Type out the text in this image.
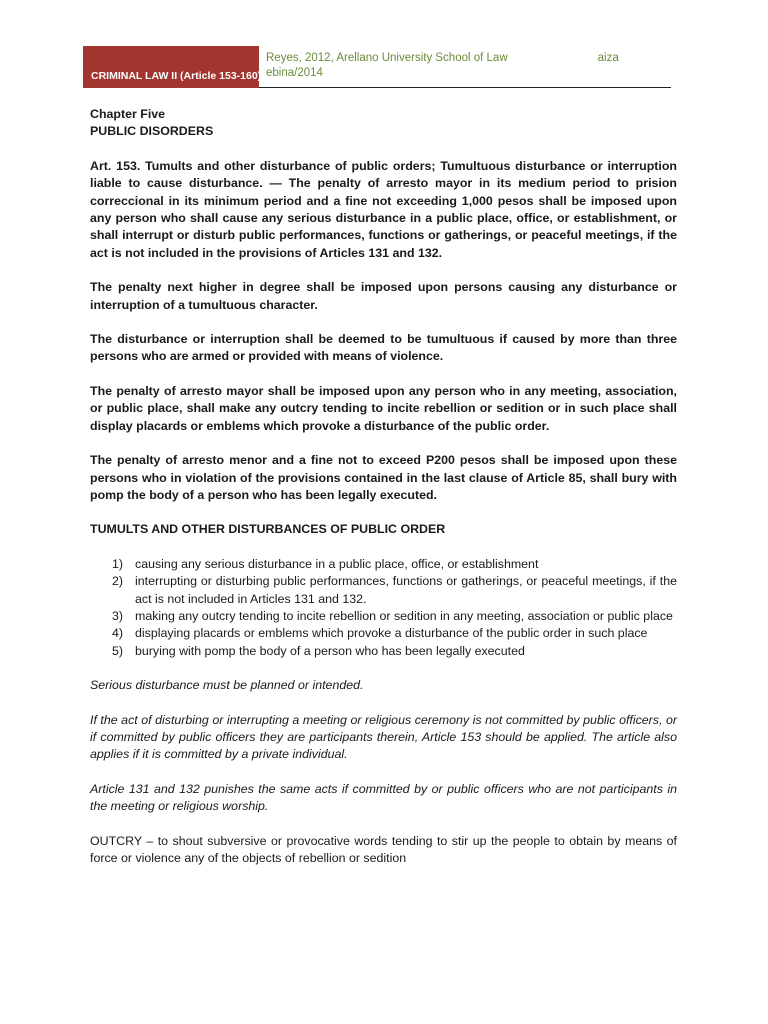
CRIMINAL LAW II (Article 153-160)
Reyes, 2012, Arellano University School of Law	aiza
ebina/2014
Chapter Five
PUBLIC DISORDERS

Art. 153. Tumults and other disturbance of public orders; Tumultuous disturbance or interruption liable to cause disturbance. — The penalty of arresto mayor in its medium period to prision correccional in its minimum period and a fine not exceeding 1,000 pesos shall be imposed upon any person who shall cause any serious disturbance in a public place, office, or establishment, or shall interrupt or disturb public performances, functions or gatherings, or peaceful meetings, if the act is not included in the provisions of Articles 131 and 132.

The penalty next higher in degree shall be imposed upon persons causing any disturbance or interruption of a tumultuous character.

The disturbance or interruption shall be deemed to be tumultuous if caused by more than three persons who are armed or provided with means of violence.

The penalty of arresto mayor shall be imposed upon any person who in any meeting, association, or public place, shall make any outcry tending to incite rebellion or sedition or in such place shall display placards or emblems which provoke a disturbance of the public order.

The penalty of arresto menor and a fine not to exceed P200 pesos shall be imposed upon these persons who in violation of the provisions contained in the last clause of Article 85, shall bury with pomp the body of a person who has been legally executed.

TUMULTS AND OTHER DISTURBANCES OF PUBLIC ORDER
1) causing any serious disturbance in a public place, office, or establishment
2) interrupting or disturbing public performances, functions or gatherings, or peaceful meetings, if the act is not included in Articles 131 and 132.
3) making any outcry tending to incite rebellion or sedition in any meeting, association or public place
4) displaying placards or emblems which provoke a disturbance of the public order in such place
5) burying with pomp the body of a person who has been legally executed

Serious disturbance must be planned or intended.

If the act of disturbing or interrupting a meeting or religious ceremony is not committed by public officers, or if committed by public officers they are participants therein, Article 153 should be applied. The article also applies if it is committed by a private individual.

Article 131 and 132 punishes the same acts if committed by or public officers who are not participants in the meeting or religious worship.

OUTCRY – to shout subversive or provocative words tending to stir up the people to obtain by means of force or violence any of the objects of rebellion or sedition
